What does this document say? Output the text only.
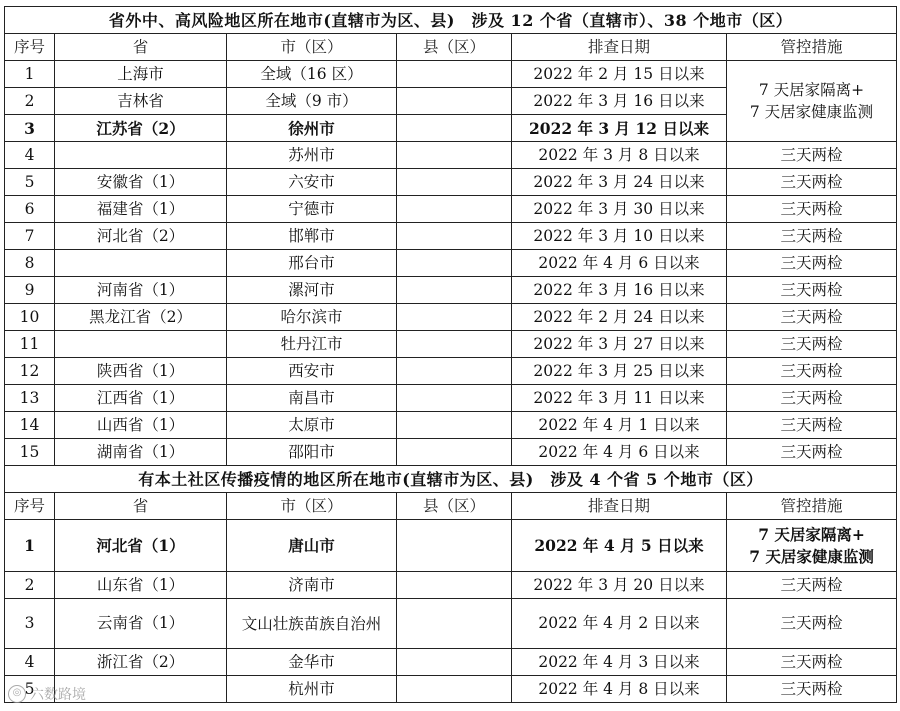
省外中、高风险地区所在地市(直辖市为区、县)　涉及 12 个省（直辖市）、38 个地市（区）					
序号	省	市（区）	县（区）	排查日期	管控措施
1	上海市	全域（16 区）		2022 年 2 月 15 日以来	7 天居家隔离+
7 天居家健康监测

2	吉林省	全域（9 市）		2022 年 3 月 16 日以来	
3	江苏省（2）	徐州市		2022 年 3 月 12 日以来	
4		苏州市		2022 年 3 月 8 日以来	三天两检
5	安徽省（1）	六安市		2022 年 3 月 24 日以来	三天两检
6	福建省（1）	宁德市		2022 年 3 月 30 日以来	三天两检
7	河北省（2）	邯郸市		2022 年 3 月 10 日以来	三天两检
8		邢台市		2022 年 4 月 6 日以来	三天两检
9	河南省（1）	漯河市		2022 年 3 月 16 日以来	三天两检
10	黑龙江省（2）	哈尔滨市		2022 年 2 月 24 日以来	三天两检
11		牡丹江市		2022 年 3 月 27 日以来	三天两检
12	陕西省（1）	西安市		2022 年 3 月 25 日以来	三天两检
13	江西省（1）	南昌市		2022 年 3 月 11 日以来	三天两检
14	山西省（1）	太原市		2022 年 4 月 1 日以来	三天两检
15	湖南省（1）	邵阳市		2022 年 4 月 6 日以来	三天两检
有本土社区传播疫情的地区所在地市(直辖市为区、县)　涉及 4 个省 5 个地市（区）					
序号	省	市（区）	县（区）	排查日期	管控措施
1	河北省（1）	唐山市		2022 年 4 月 5 日以来	7 天居家隔离+
7 天居家健康监测

2	山东省（1）	济南市		2022 年 3 月 20 日以来	三天两检
3	云南省（1）	文山壮族苗族自治州		2022 年 4 月 2 日以来	三天两检
4	浙江省（2）	金华市		2022 年 4 月 3 日以来	三天两检
5		杭州市		2022 年 4 月 8 日以来	三天两检
◎ 六数路境
